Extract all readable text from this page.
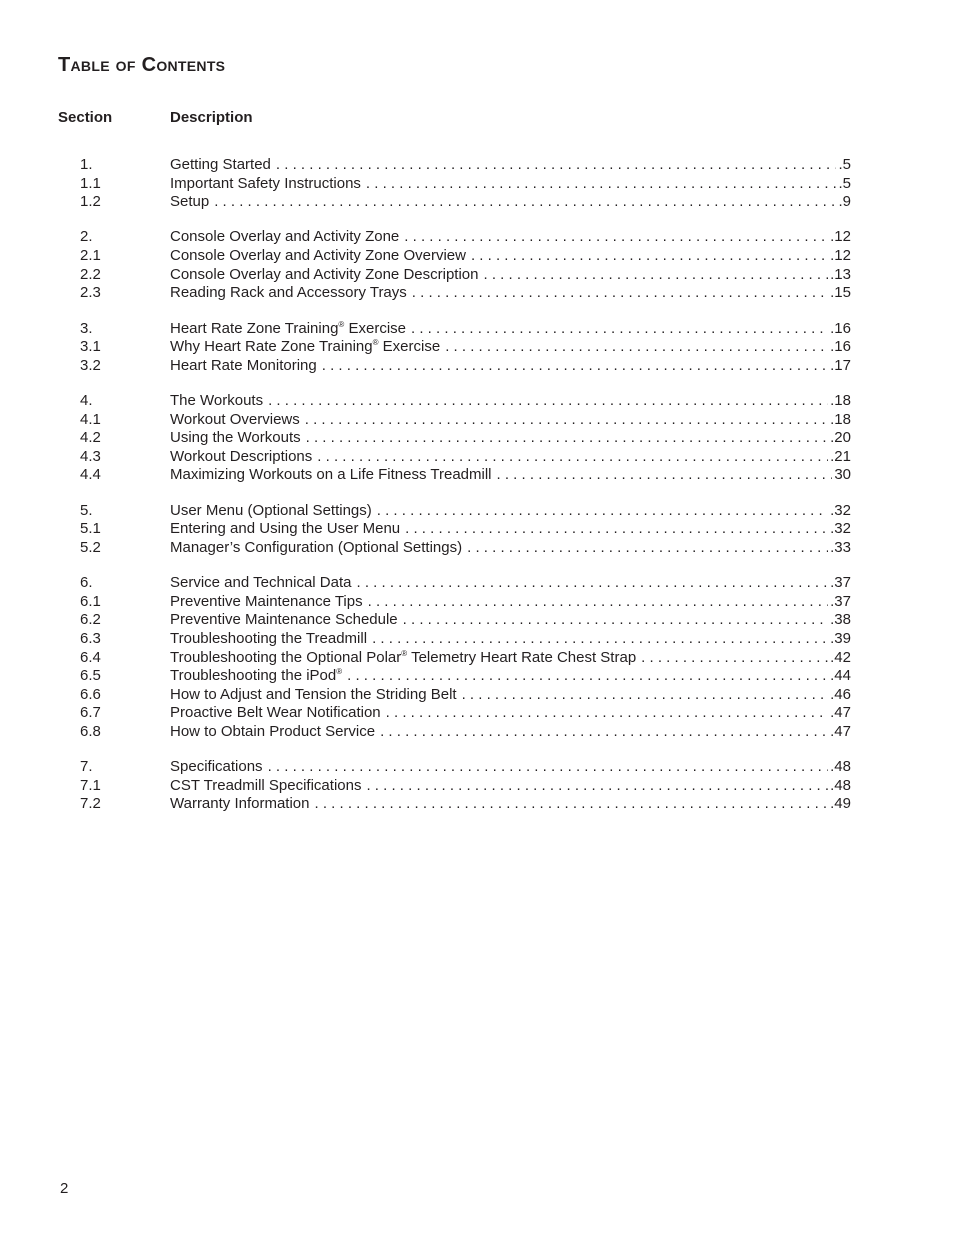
Table of Contents
Section	Description
1.	Getting Started . . .	.5
1.1	Important Safety Instructions . . .	.5
1.2	Setup . . .	.9
2.	Console Overlay and Activity Zone . . .	.12
2.1	Console Overlay and Activity Zone Overview . . .	.12
2.2	Console Overlay and Activity Zone Description . . .	.13
2.3	Reading Rack and Accessory Trays . . .	.15
3.	Heart Rate Zone Training® Exercise . . .	.16
3.1	Why Heart Rate Zone Training® Exercise . . .	.16
3.2	Heart Rate Monitoring . . .	.17
4.	The Workouts . . .	.18
4.1	Workout Overviews . . .	.18
4.2	Using the Workouts . . .	.20
4.3	Workout Descriptions . . .	.21
4.4	Maximizing Workouts on a Life Fitness Treadmill . . .	30
5.	User Menu (Optional Settings) . . .	.32
5.1	Entering and Using the User Menu . . .	.32
5.2	Manager’s Configuration (Optional Settings) . . .	.33
6.	Service and Technical Data . . .	.37
6.1	Preventive Maintenance Tips . . .	.37
6.2	Preventive Maintenance Schedule . . .	.38
6.3	Troubleshooting the Treadmill . . .	.39
6.4	Troubleshooting the Optional Polar® Telemetry Heart Rate Chest Strap . . .	.42
6.5	Troubleshooting the iPod® . . .	.44
6.6	How to Adjust and Tension the Striding Belt . . .	.46
6.7	Proactive Belt Wear Notification . . .	.47
6.8	How to Obtain Product Service . . .	.47
7.	Specifications . . .	.48
7.1	CST Treadmill Specifications . . .	.48
7.2	Warranty Information . . .	.49
2
